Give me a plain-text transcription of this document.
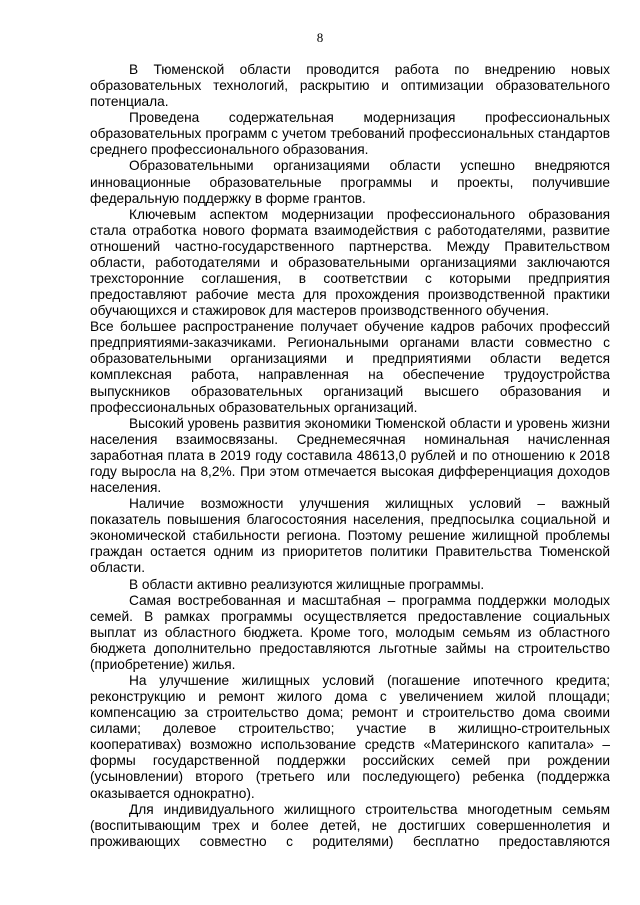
8

В Тюменской области проводится работа по внедрению новых образовательных технологий, раскрытию и оптимизации образовательного потенциала.

Проведена содержательная модернизация профессиональных образовательных программ с учетом требований профессиональных стандартов среднего профессионального образования.

Образовательными организациями области успешно внедряются инновационные образовательные программы и проекты, получившие федеральную поддержку в форме грантов.

Ключевым аспектом модернизации профессионального образования стала отработка нового формата взаимодействия с работодателями, развитие отношений частно-государственного партнерства. Между Правительством области, работодателями и образовательными организациями заключаются трехсторонние соглашения, в соответствии с которыми предприятия предоставляют рабочие места для прохождения производственной практики обучающихся и стажировок для мастеров производственного обучения.

Все большее распространение получает обучение кадров рабочих профессий предприятиями-заказчиками. Региональными органами власти совместно с образовательными организациями и предприятиями области ведется комплексная работа, направленная на обеспечение трудоустройства выпускников образовательных организаций высшего образования и профессиональных образовательных организаций.

Высокий уровень развития экономики Тюменской области и уровень жизни населения взаимосвязаны. Среднемесячная номинальная начисленная заработная плата в 2019 году составила 48613,0 рублей и по отношению к 2018 году выросла на 8,2%. При этом отмечается высокая дифференциация доходов населения.

Наличие возможности улучшения жилищных условий – важный показатель повышения благосостояния населения, предпосылка социальной и экономической стабильности региона. Поэтому решение жилищной проблемы граждан остается одним из приоритетов политики Правительства Тюменской области.

В области активно реализуются жилищные программы.

Самая востребованная и масштабная – программа поддержки молодых семей. В рамках программы осуществляется предоставление социальных выплат из областного бюджета. Кроме того, молодым семьям из областного бюджета дополнительно предоставляются льготные займы на строительство (приобретение) жилья.

На улучшение жилищных условий (погашение ипотечного кредита; реконструкцию и ремонт жилого дома с увеличением жилой площади; компенсацию за строительство дома; ремонт и строительство дома своими силами; долевое строительство; участие в жилищно-строительных кооперативах) возможно использование средств «Материнского капитала» – формы государственной поддержки российских семей при рождении (усыновлении) второго (третьего или последующего) ребенка (поддержка оказывается однократно).

Для индивидуального жилищного строительства многодетным семьям (воспитывающим трех и более детей, не достигших совершеннолетия и проживающих совместно с родителями) бесплатно предоставляются
